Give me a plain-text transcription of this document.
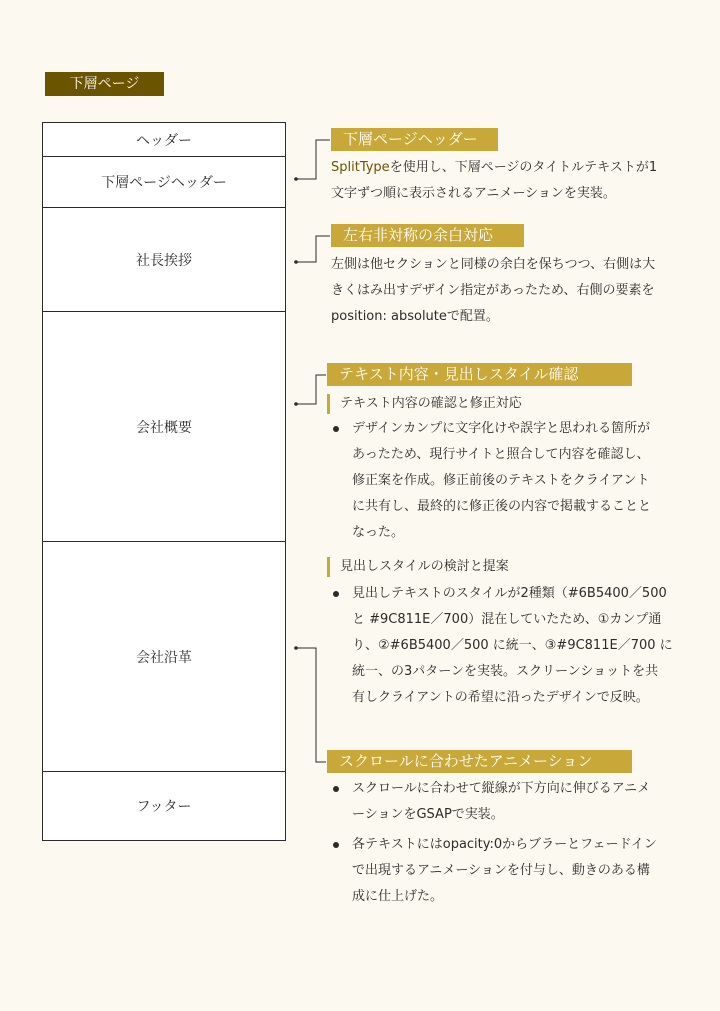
下層ページ
ヘッダー
下層ページヘッダー
社長挨拶
会社概要
会社沿革
フッター
下層ページヘッダー
SplitTypeを使用し、下層ページのタイトルテキストが1
文字ずつ順に表示されるアニメーションを実装。
左右非対称の余白対応
左側は他セクションと同様の余白を保ちつつ、右側は大
きくはみ出すデザイン指定があったため、右側の要素を
position: absoluteで配置。
テキスト内容・見出しスタイル確認
テキスト内容の確認と修正対応
デザインカンプに文字化けや誤字と思われる箇所が
あったため、現行サイトと照合して内容を確認し、
修正案を作成。修正前後のテキストをクライアント
に共有し、最終的に修正後の内容で掲載することと
なった。
見出しスタイルの検討と提案
見出しテキストのスタイルが2種類（#6B5400／500
と #9C811E／700）混在していたため、①カンプ通
り、②#6B5400／500 に統一、③#9C811E／700 に
統一、の3パターンを実装。スクリーンショットを共
有しクライアントの希望に沿ったデザインで反映。
スクロールに合わせたアニメーション
スクロールに合わせて縦線が下方向に伸びるアニメ
ーションをGSAPで実装。
各テキストにはopacity:0からブラーとフェードイン
で出現するアニメーションを付与し、動きのある構
成に仕上げた。
